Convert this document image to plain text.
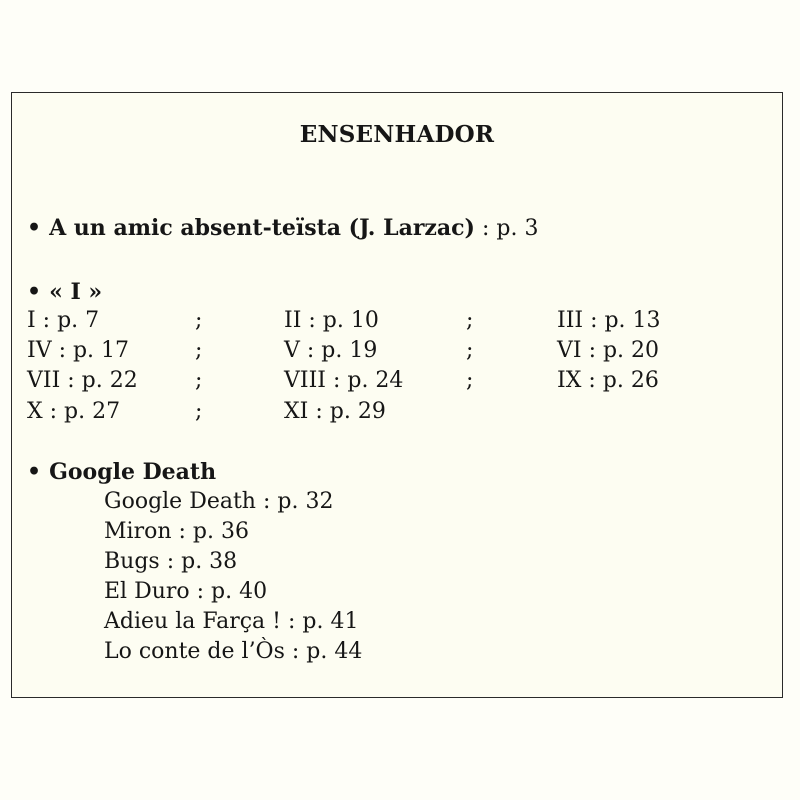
ENSENHADOR
• A un amic absent-teïsta (J. Larzac) : p. 3
• « I »
I : p. 7	;	II : p. 10	;	III : p. 13
IV : p. 17	;	V : p. 19	;	VI : p. 20
VII : p. 22	;	VIII : p. 24	;	IX : p. 26
X : p. 27	;	XI : p. 29
• Google Death
Google Death : p. 32
Miron : p. 36
Bugs : p. 38
El Duro : p. 40
Adieu la Farça ! : p. 41
Lo conte de l’Òs : p. 44
